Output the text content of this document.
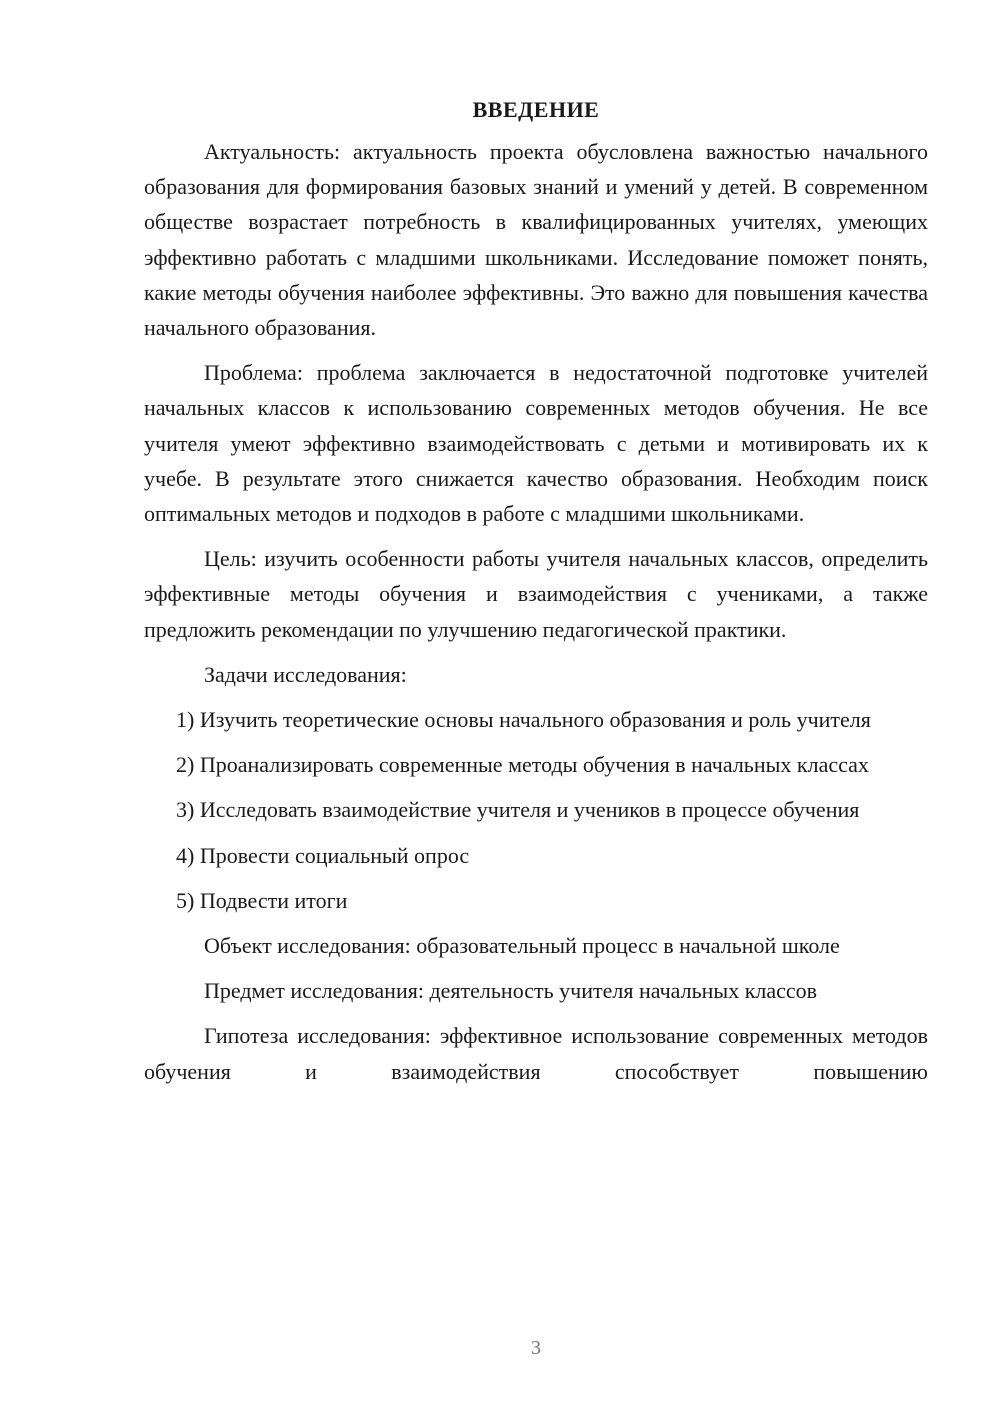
ВВЕДЕНИЕ

Актуальность: актуальность проекта обусловлена важностью начального образования для формирования базовых знаний и умений у детей. В современном обществе возрастает потребность в квалифицированных учителях, умеющих эффективно работать с младшими школьниками. Исследование поможет понять, какие методы обучения наиболее эффективны. Это важно для повышения качества начального образования.

Проблема: проблема заключается в недостаточной подготовке учителей начальных классов к использованию современных методов обучения. Не все учителя умеют эффективно взаимодействовать с детьми и мотивировать их к учебе. В результате этого снижается качество образования. Необходим поиск оптимальных методов и подходов в работе с младшими школьниками.

Цель: изучить особенности работы учителя начальных классов, определить эффективные методы обучения и взаимодействия с учениками, а также предложить рекомендации по улучшению педагогической практики.

Задачи исследования:

1) Изучить теоретические основы начального образования и роль учителя

2) Проанализировать современные методы обучения в начальных классах

3) Исследовать взаимодействие учителя и учеников в процессе обучения

4) Провести социальный опрос

5) Подвести итоги

Объект исследования: образовательный процесс в начальной школе

Предмет исследования: деятельность учителя начальных классов

Гипотеза исследования: эффективное использование современных методов обучения и взаимодействия способствует повышению

3
